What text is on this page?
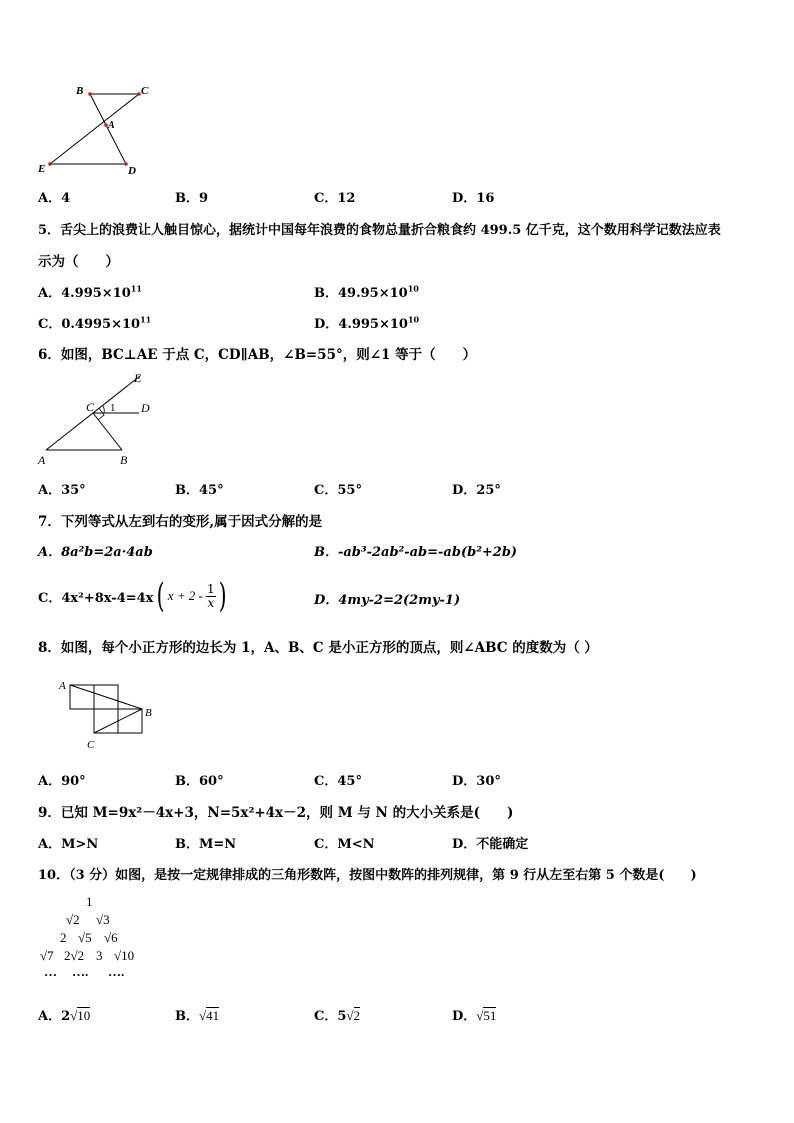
B	C
A
E	D
A．4	B．9	C．12	D．16
5．舌尖上的浪费让人触目惊心，据统计中国每年浪费的食物总量折合粮食约 499.5 亿千克，这个数用科学记数法应表
示为（　　）
A．$4.995\times 10^{11}$	B．$49.95\times 10^{10}$
C．$0.4995\times 10^{11}$	D．$4.995\times 10^{10}$
6．如图，BC⊥AE 于点 C，CD∥AB，∠B=55°，则∠1 等于（　　）
E
C 1 D
A	B
A．35°	B．45°	C．55°	D．25°
7．下列等式从左到右的变形,属于因式分解的是
A．8a²b=2a·4ab	B．-ab³-2ab²-ab=-ab(b²+2b)
C．4x²+8x-4=4x ( x + 2 - 1
x )	D．4my-2=2(2my-1)
8．如图，每个小正方形的边长为 1，A、B、C 是小正方形的顶点，则∠ABC 的度数为（ ）
A
B
C
A．90°	B．60°	C．45°	D．30°
9．已知 M=9x²－4x+3，N=5x²+4x－2，则 M 与 N 的大小关系是(　　)
A．M>N	B．M=N	C．M<N	D．不能确定
10．（3 分）如图，是按一定规律排成的三角形数阵，按图中数阵的排列规律，第 9 行从左至右第 5 个数是(　　)
1
√2 √3
2 √5 √6
√7 2√2 3 √10
… …. ….
A．2√10	B．√41	C．5√2	D．√51
